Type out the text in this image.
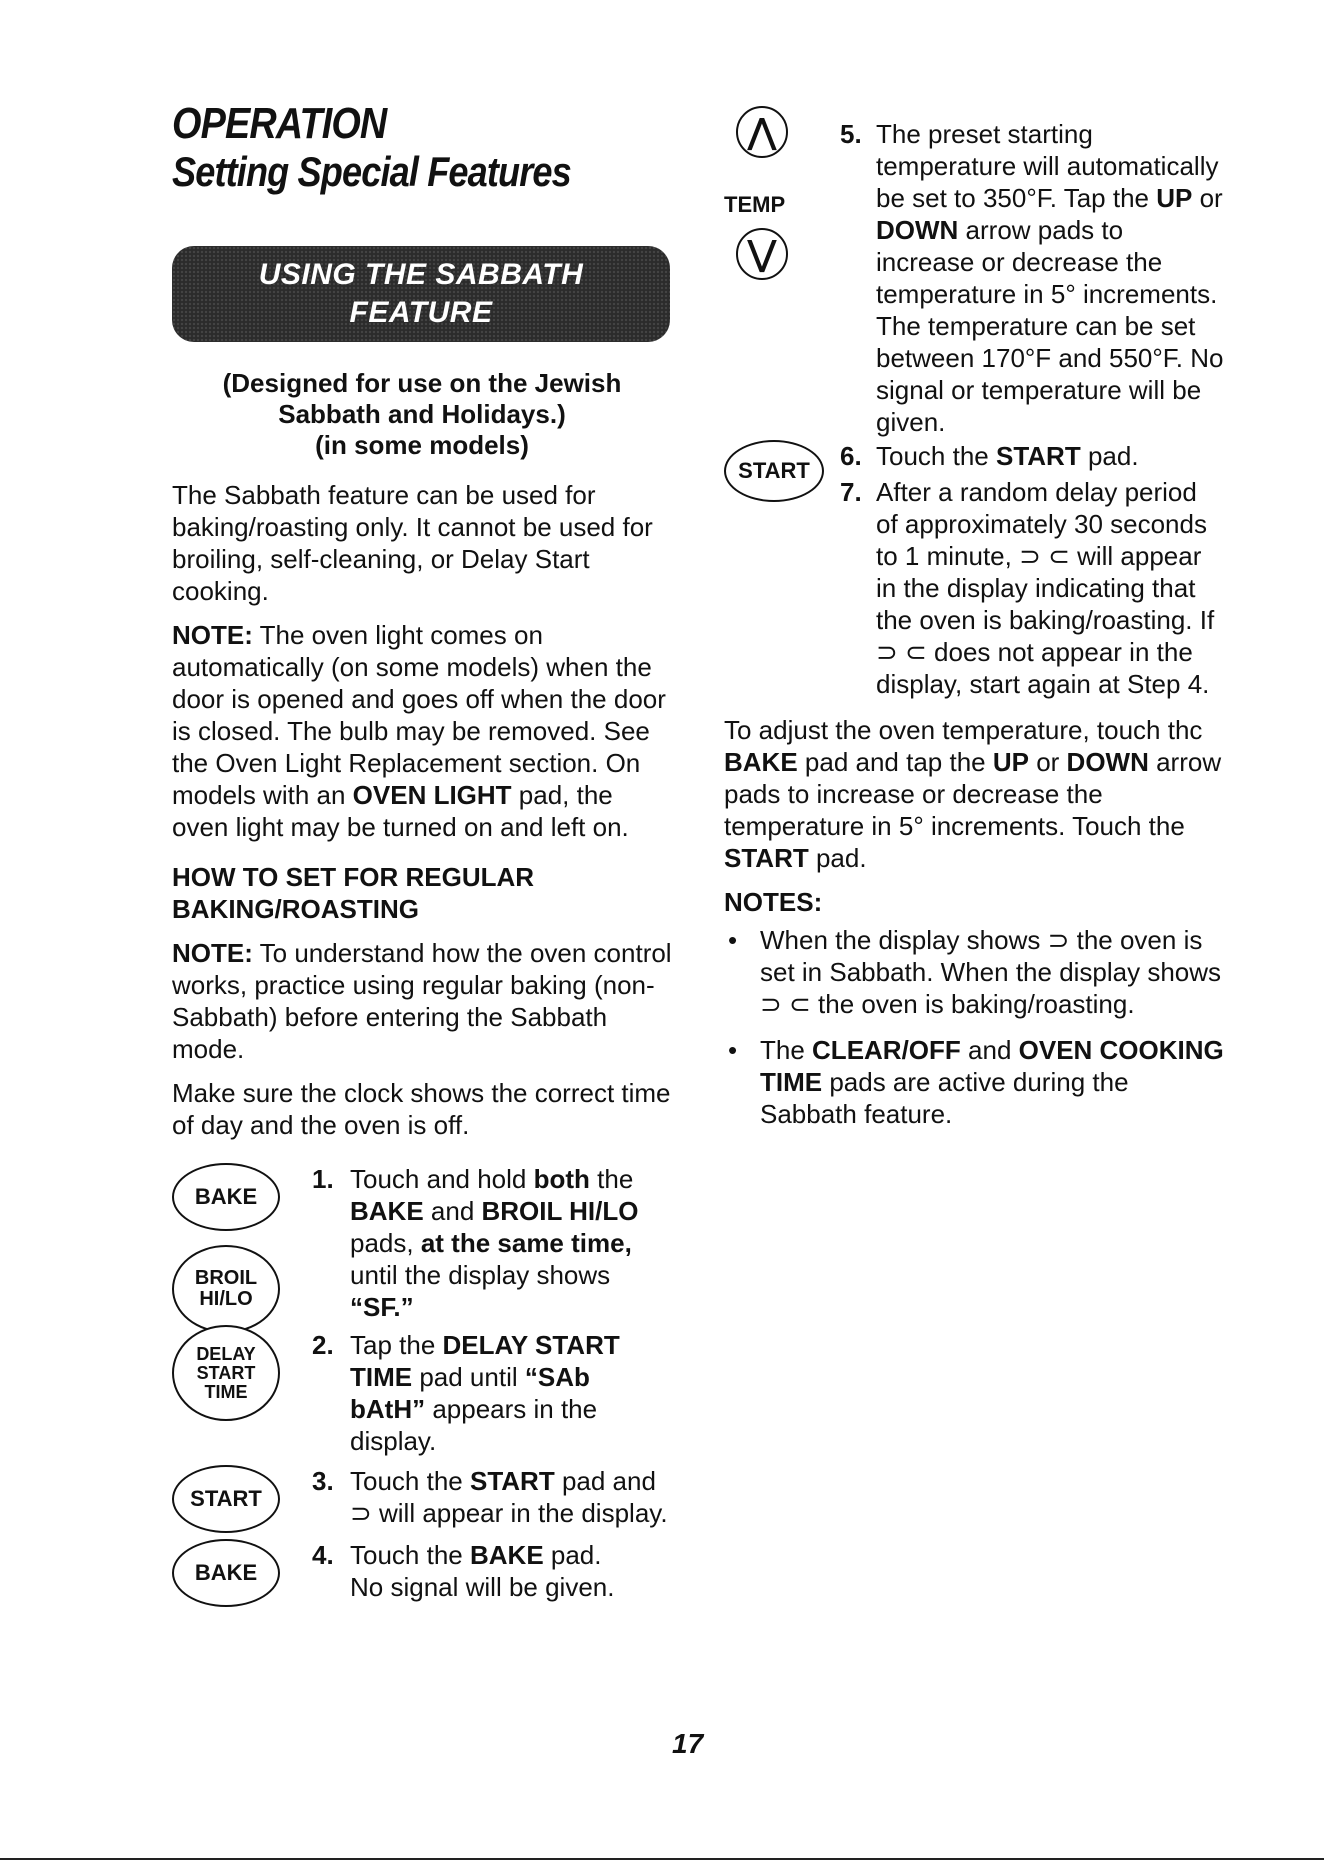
OPERATION
Setting Special Features
USING THE SABBATH
FEATURE
(Designed for use on the Jewish
Sabbath and Holidays.)
(in some models)

The Sabbath feature can be used for baking/roasting only. It cannot be used for broiling, self-cleaning, or Delay Start cooking.

NOTE: The oven light comes on automatically (on some models) when the door is opened and goes off when the door is closed. The bulb may be removed. See the Oven Light Replacement section. On models with an OVEN LIGHT pad, the oven light may be turned on and left on.

HOW TO SET FOR REGULAR
BAKING/ROASTING

NOTE: To understand how the oven control works, practice using regular baking (non-Sabbath) before entering the Sabbath mode.

Make sure the clock shows the correct time of day and the oven is off.

BAKE
BROIL
HI/LO
1. Touch and hold both the BAKE and BROIL HI/LO pads, at the same time, until the display shows “SF.”
DELAY
START
TIME
2. Tap the DELAY START TIME pad until “SAb bAtH” appears in the display.
START
3. Touch the START pad and ⊃ will appear in the display.
BAKE
4. Touch the BAKE pad.
No signal will be given.
⋀
TEMP
⋁
5. The preset starting temperature will automatically be set to 350°F. Tap the UP or DOWN arrow pads to increase or decrease the temperature in 5° increments. The temperature can be set between 170°F and 550°F. No signal or temperature will be given.
START 6. Touch the START pad.
7. After a random delay period of approximately 30 seconds to 1 minute, ⊃ ⊂ will appear in the display indicating that the oven is baking/roasting. If ⊃ ⊂ does not appear in the display, start again at Step 4.

To adjust the oven temperature, touch thc BAKE pad and tap the UP or DOWN arrow pads to increase or decrease the temperature in 5° increments. Touch the START pad.

NOTES:
• When the display shows ⊃ the oven is set in Sabbath. When the display shows ⊃ ⊂ the oven is baking/roasting.

• The CLEAR/OFF and OVEN COOKING TIME pads are active during the Sabbath feature.

17
